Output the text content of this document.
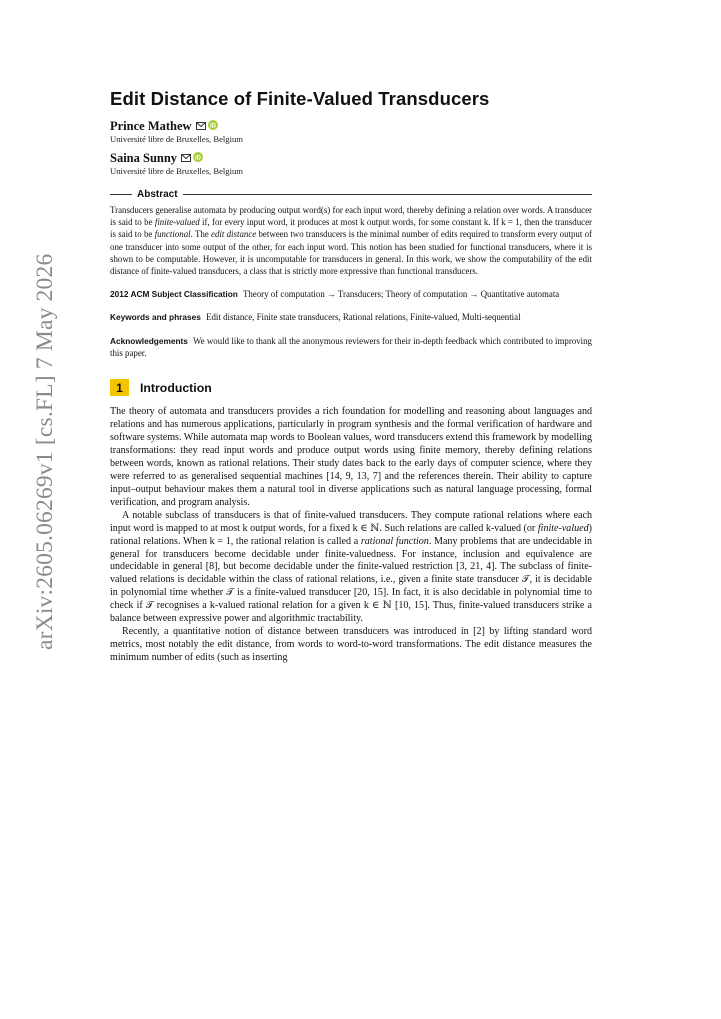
arXiv:2605.06269v1 [cs.FL] 7 May 2026
Edit Distance of Finite-Valued Transducers
Prince Mathew	iD
Université libre de Bruxelles, Belgium
Saina Sunny	iD
Université libre de Bruxelles, Belgium
Abstract

Transducers generalise automata by producing output word(s) for each input word, thereby defining a relation over words. A transducer is said to be finite-valued if, for every input word, it produces at most k output words, for some constant k. If k = 1, then the transducer is said to be functional. The edit distance between two transducers is the minimal number of edits required to transform every output of one transducer into some output of the other, for each input word. This notion has been studied for functional transducers, where it is shown to be computable. However, it is uncomputable for transducers in general. In this work, we show the computability of the edit distance of finite-valued transducers, a class that is strictly more expressive than functional transducers.

2012 ACM Subject Classification Theory of computation → Transducers; Theory of computation → Quantitative automata

Keywords and phrases Edit distance, Finite state transducers, Rational relations, Finite-valued, Multi-sequential

Acknowledgements We would like to thank all the anonymous reviewers for their in-depth feedback which contributed to improving this paper.

1	Introduction

The theory of automata and transducers provides a rich foundation for modelling and reasoning about languages and relations and has numerous applications, particularly in program synthesis and the formal verification of hardware and software systems. While automata map words to Boolean values, word transducers extend this framework by modelling transformations: they read input words and produce output words using finite memory, thereby defining relations between words, known as rational relations. Their study dates back to the early days of computer science, where they were referred to as generalised sequential machines [14, 9, 13, 7] and the references therein. Their ability to capture input–output behaviour makes them a natural tool in diverse applications such as natural language processing, formal verification, and program analysis.

A notable subclass of transducers is that of finite-valued transducers. They compute rational relations where each input word is mapped to at most k output words, for a fixed k ∈ ℕ. Such relations are called k-valued (or finite-valued) rational relations. When k = 1, the rational relation is called a rational function. Many problems that are undecidable in general for transducers become decidable under finite-valuedness. For instance, inclusion and equivalence are undecidable in general [8], but become decidable under the finite-valued restriction [3, 21, 4]. The subclass of finite-valued relations is decidable within the class of rational relations, i.e., given a finite state transducer 𝒯, it is decidable in polynomial time whether 𝒯 is a finite-valued transducer [20, 15]. In fact, it is also decidable in polynomial time to check if 𝒯 recognises a k-valued rational relation for a given k ∈ ℕ [10, 15]. Thus, finite-valued transducers strike a balance between expressive power and algorithmic tractability.

Recently, a quantitative notion of distance between transducers was introduced in [2] by lifting standard word metrics, most notably the edit distance, from words to word-to-word transformations. The edit distance measures the minimum number of edits (such as inserting
